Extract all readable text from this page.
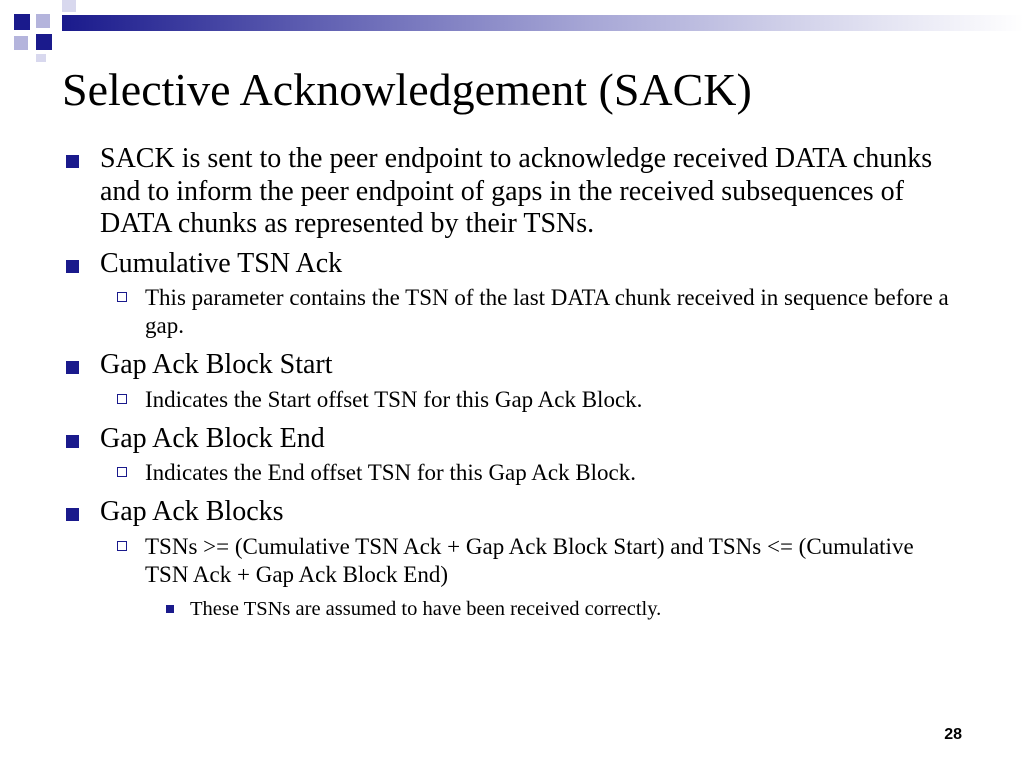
Selective Acknowledgement (SACK)
SACK is sent to the peer endpoint to acknowledge received DATA chunks and to inform the peer endpoint of gaps in the received subsequences of DATA chunks as represented by their TSNs.
Cumulative TSN Ack
This parameter contains the TSN of the last DATA chunk received in sequence before a gap.
Gap Ack Block Start
Indicates the Start offset TSN for this Gap Ack Block.
Gap Ack Block End
Indicates the End offset TSN for this Gap Ack Block.
Gap Ack Blocks
TSNs >= (Cumulative TSN Ack + Gap Ack Block Start) and TSNs <= (Cumulative TSN Ack + Gap Ack Block End)
These TSNs are assumed to have been received correctly.
28
